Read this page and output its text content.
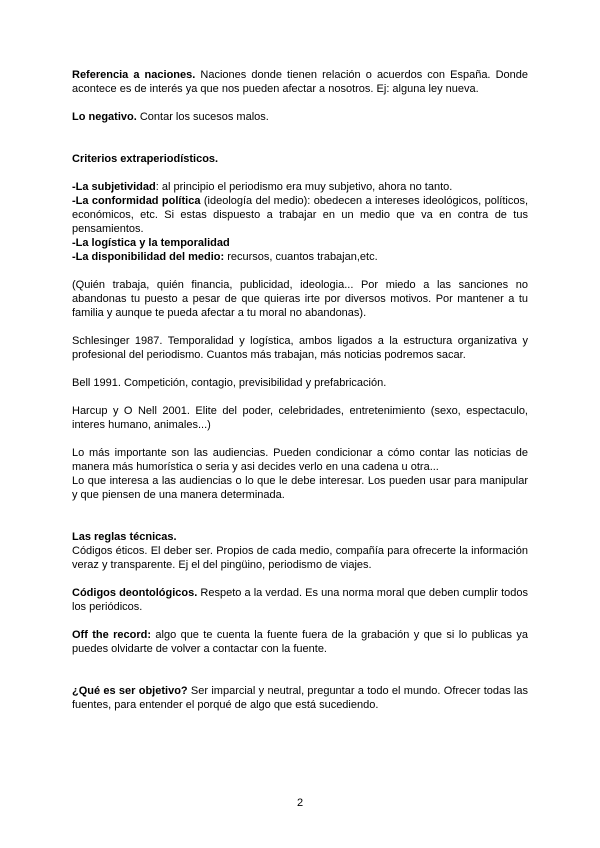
Referencia a naciones. Naciones donde tienen relación o acuerdos con España. Donde acontece es de interés ya que nos pueden afectar a nosotros. Ej: alguna ley nueva.

Lo negativo. Contar los sucesos malos.

Criterios extraperiodísticos.

-La subjetividad: al principio el periodismo era muy subjetivo, ahora no tanto.

-La conformidad política (ideología del medio): obedecen a intereses ideológicos, políticos, económicos, etc. Si estas dispuesto a trabajar en un medio que va en contra de tus pensamientos.

-La logística y la temporalidad

-La disponibilidad del medio: recursos, cuantos trabajan,etc.

(Quién trabaja, quién financia, publicidad, ideologia... Por miedo a las sanciones no abandonas tu puesto a pesar de que quieras irte por diversos motivos. Por mantener a tu familia y aunque te pueda afectar a tu moral no abandonas).

Schlesinger 1987. Temporalidad y logística, ambos ligados a la estructura organizativa y profesional del periodismo. Cuantos más trabajan, más noticias podremos sacar.

Bell 1991. Competición, contagio, previsibilidad y prefabricación.

Harcup y O Nell 2001. Elite del poder, celebridades, entretenimiento (sexo, espectaculo, interes humano, animales...)

Lo más importante son las audiencias. Pueden condicionar a cómo contar las noticias de manera más humorística o seria y asi decides verlo en una cadena u otra...

Lo que interesa a las audiencias o lo que le debe interesar. Los pueden usar para manipular y que piensen de una manera determinada.

Las reglas técnicas.

Códigos éticos. El deber ser. Propios de cada medio, compañía para ofrecerte la información veraz y transparente. Ej el del pingüino, periodismo de viajes.

Códigos deontológicos. Respeto a la verdad. Es una norma moral que deben cumplir todos los periódicos.

Off the record: algo que te cuenta la fuente fuera de la grabación y que si lo publicas ya puedes olvidarte de volver a contactar con la fuente.

¿Qué es ser objetivo? Ser imparcial y neutral, preguntar a todo el mundo. Ofrecer todas las fuentes, para entender el porqué de algo que está sucediendo.

2
